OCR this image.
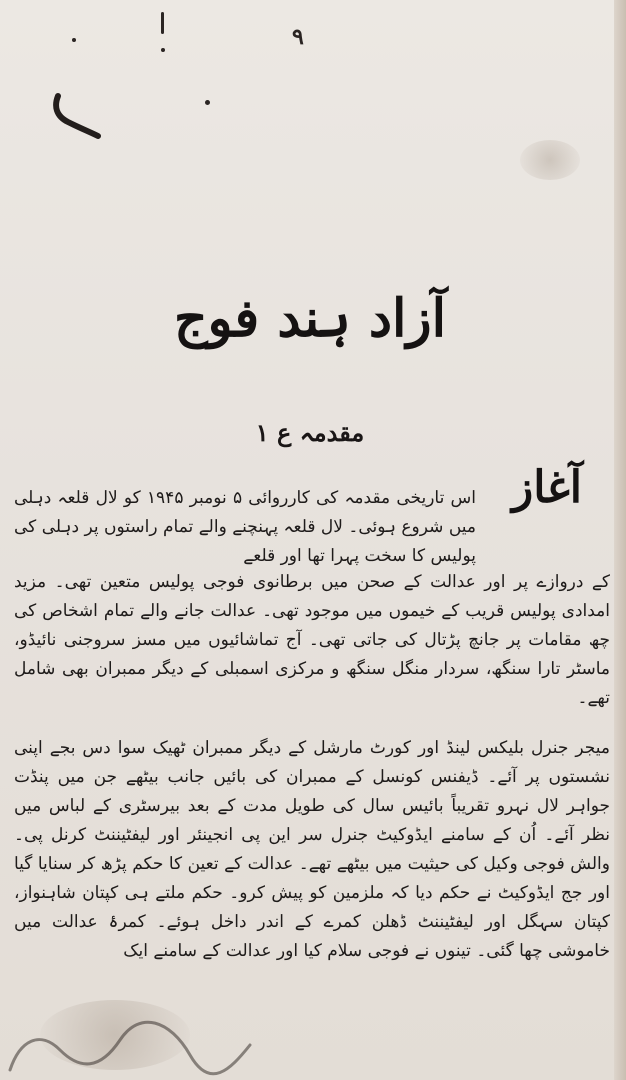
۹
آزاد ہند فوج
مقدمہ ع ۱
آغاز
اس تاریخی مقدمہ کی کارروائی ۵ نومبر ۱۹۴۵ کو لال قلعہ دہلی میں شروع ہوئی۔ لال قلعہ پہنچنے والے تمام راستوں پر دہلی کی پولیس کا سخت پہرا تھا اور قلعے
کے دروازے پر اور عدالت کے صحن میں برطانوی فوجی پولیس متعین تھی۔ مزید امدادی پولیس قریب کے خیموں میں موجود تھی۔ عدالت جانے والے تمام اشخاص کی چھ مقامات پر جانچ پڑتال کی جاتی تھی۔ آج تماشائیوں میں مسز سروجنی نائیڈو، ماسٹر تارا سنگھ، سردار منگل سنگھ و مرکزی اسمبلی کے دیگر ممبران بھی شامل تھے۔
میجر جنرل بلیکس لینڈ اور کورٹ مارشل کے دیگر ممبران ٹھیک سوا دس بجے اپنی نشستوں پر آئے۔ ڈیفنس کونسل کے ممبران کی بائیں جانب بیٹھے جن میں پنڈت جواہر لال نہرو تقریباً بائیس سال کی طویل مدت کے بعد بیرسٹری کے لباس میں نظر آئے۔ اُن کے سامنے ایڈوکیٹ جنرل سر این پی انجینئر اور لیفٹیننٹ کرنل پی۔ والش فوجی وکیل کی حیثیت میں بیٹھے تھے۔ عدالت کے تعین کا حکم پڑھ کر سنایا گیا اور جج ایڈوکیٹ نے حکم دیا کہ ملزمین کو پیش کرو۔ حکم ملتے ہی کپتان شاہنواز، کپتان سہگل اور لیفٹیننٹ ڈھلن کمرے کے اندر داخل ہوئے۔ کمرۂ عدالت میں خاموشی چھا گئی۔ تینوں نے فوجی سلام کیا اور عدالت کے سامنے ایک
